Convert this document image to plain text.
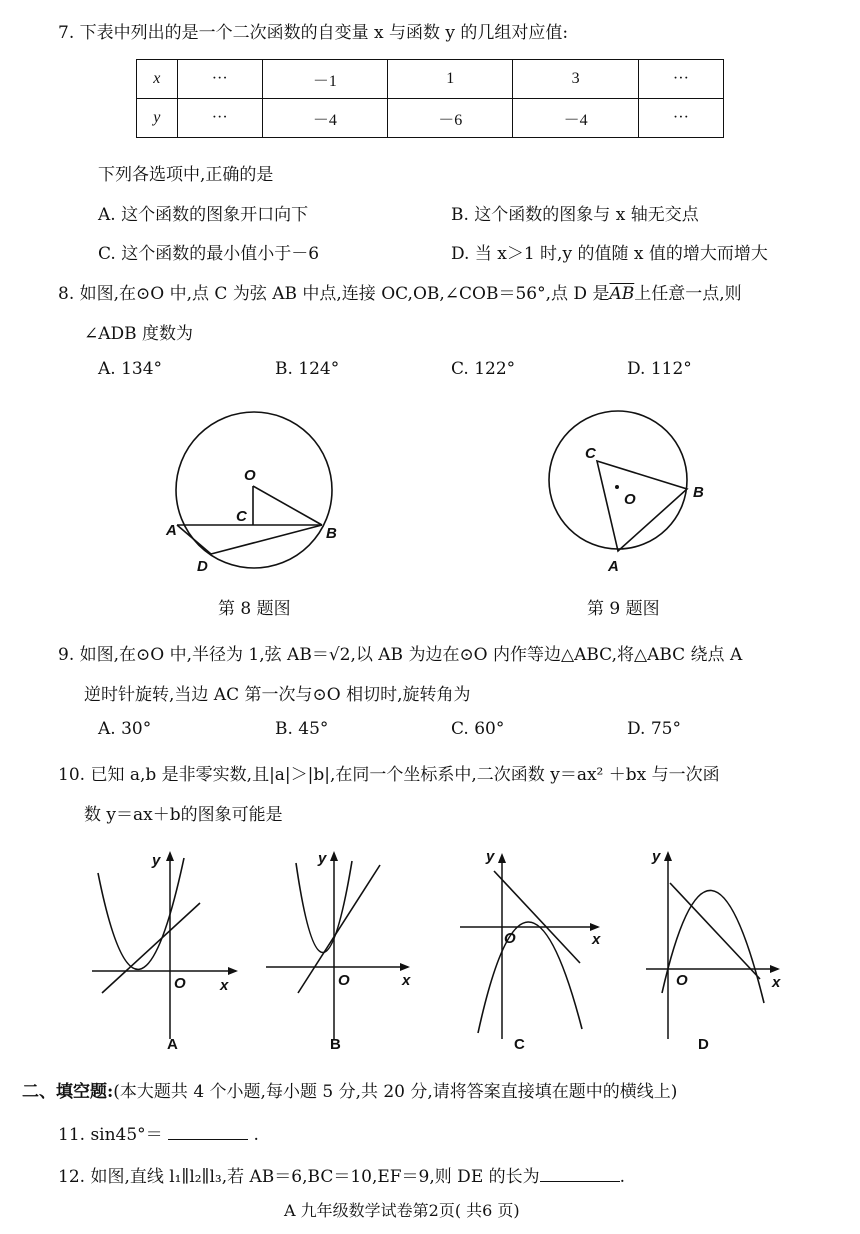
7. 下表中列出的是一个二次函数的自变量 x 与函数 y 的几组对应值:
x	···	－1	1	3	···
y	···	－4	－6	－4	···
下列各选项中,正确的是
A. 这个函数的图象开口向下	B. 这个函数的图象与 x 轴无交点
C. 这个函数的最小值小于－6	D. 当 x＞1 时,y 的值随 x 值的增大而增大
8. 如图,在⊙O 中,点 C 为弦 AB 中点,连接 OC,OB,∠COB＝56°,点 D 是$\overline{AB}$上任意一点,则
∠ADB 度数为
A. 134°	B. 124°	C. 122°	D. 112°
O
C
A	B
D
C
O	B
A
第 8 题图	第 9 题图
9. 如图,在⊙O 中,半径为 1,弦 AB＝√2,以 AB 为边在⊙O 内作等边△ABC,将△ABC 绕点 A
逆时针旋转,当边 AC 第一次与⊙O 相切时,旋转角为
A. 30°	B. 45°	C. 60°	D. 75°
10. 已知 a,b 是非零实数,且|a|＞|b|,在同一个坐标系中,二次函数 y＝ax² ＋bx 与一次函
数 y＝ax＋b的图象可能是
y
x
O
A
y
x
O
B
y
x
O
C
y
x
O
D
二、填空题:(本大题共 4 个小题,每小题 5 分,共 20 分,请将答案直接填在题中的横线上)
11. sin45°＝	.
12. 如图,直线 l₁∥l₂∥l₃,若 AB＝6,BC＝10,EF＝9,则 DE 的长为	.
A 九年级数学试卷第2页( 共6 页)
